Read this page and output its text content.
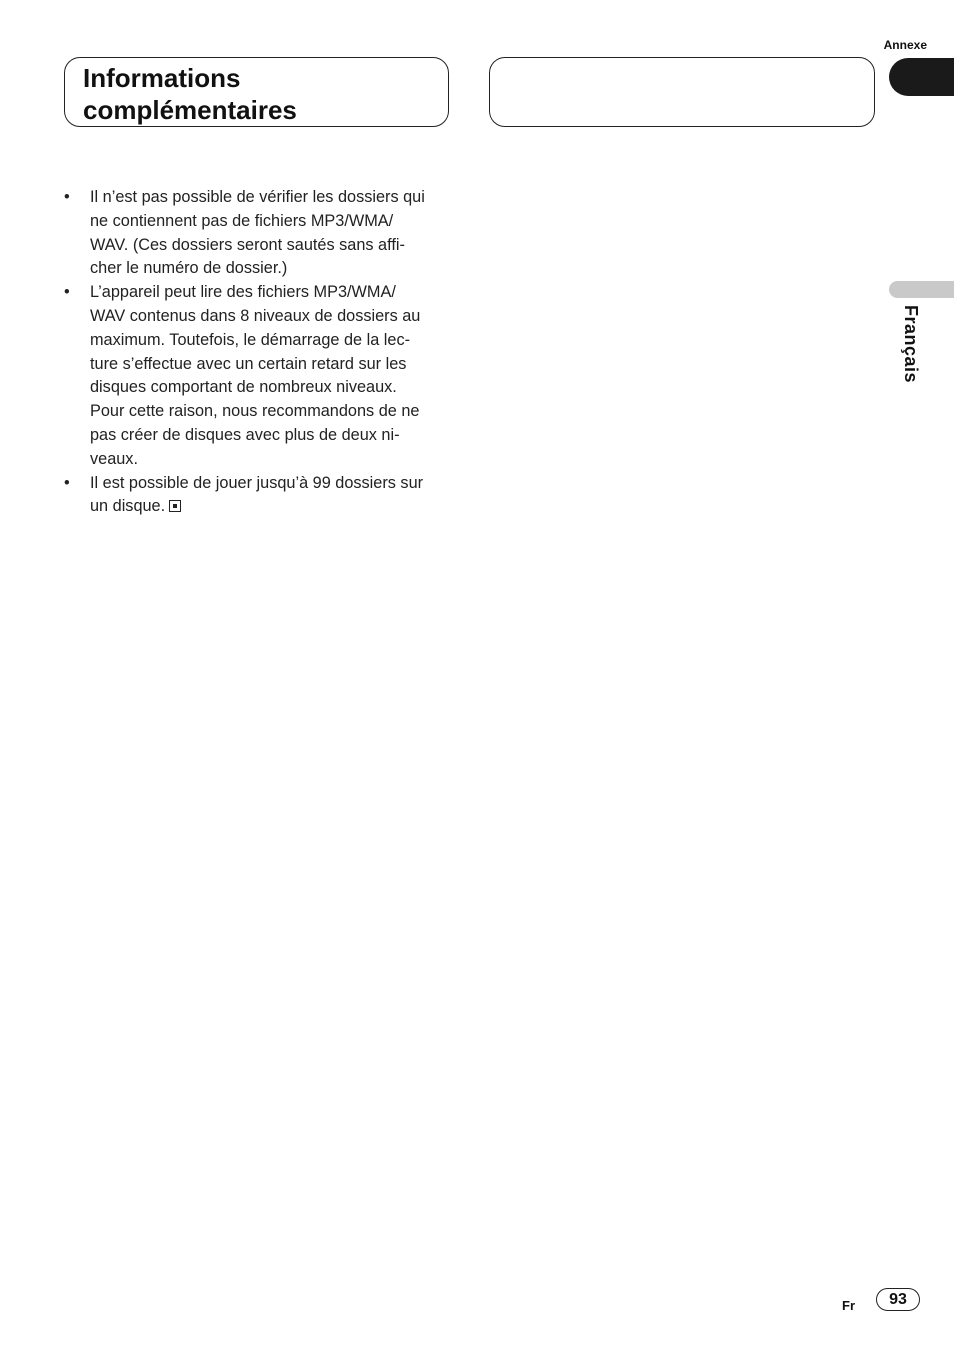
Annexe

Informations
complémentaires

Français
• Il n’est pas possible de vérifier les dossiers qui
ne contiennent pas de fichiers MP3/WMA/
WAV. (Ces dossiers seront sautés sans affi-
cher le numéro de dossier.)
• L’appareil peut lire des fichiers MP3/WMA/
WAV contenus dans 8 niveaux de dossiers au
maximum. Toutefois, le démarrage de la lec-
ture s’effectue avec un certain retard sur les
disques comportant de nombreux niveaux.
Pour cette raison, nous recommandons de ne
pas créer de disques avec plus de deux ni-
veaux.
• Il est possible de jouer jusqu’à 99 dossiers sur
un disque.
Fr	93
